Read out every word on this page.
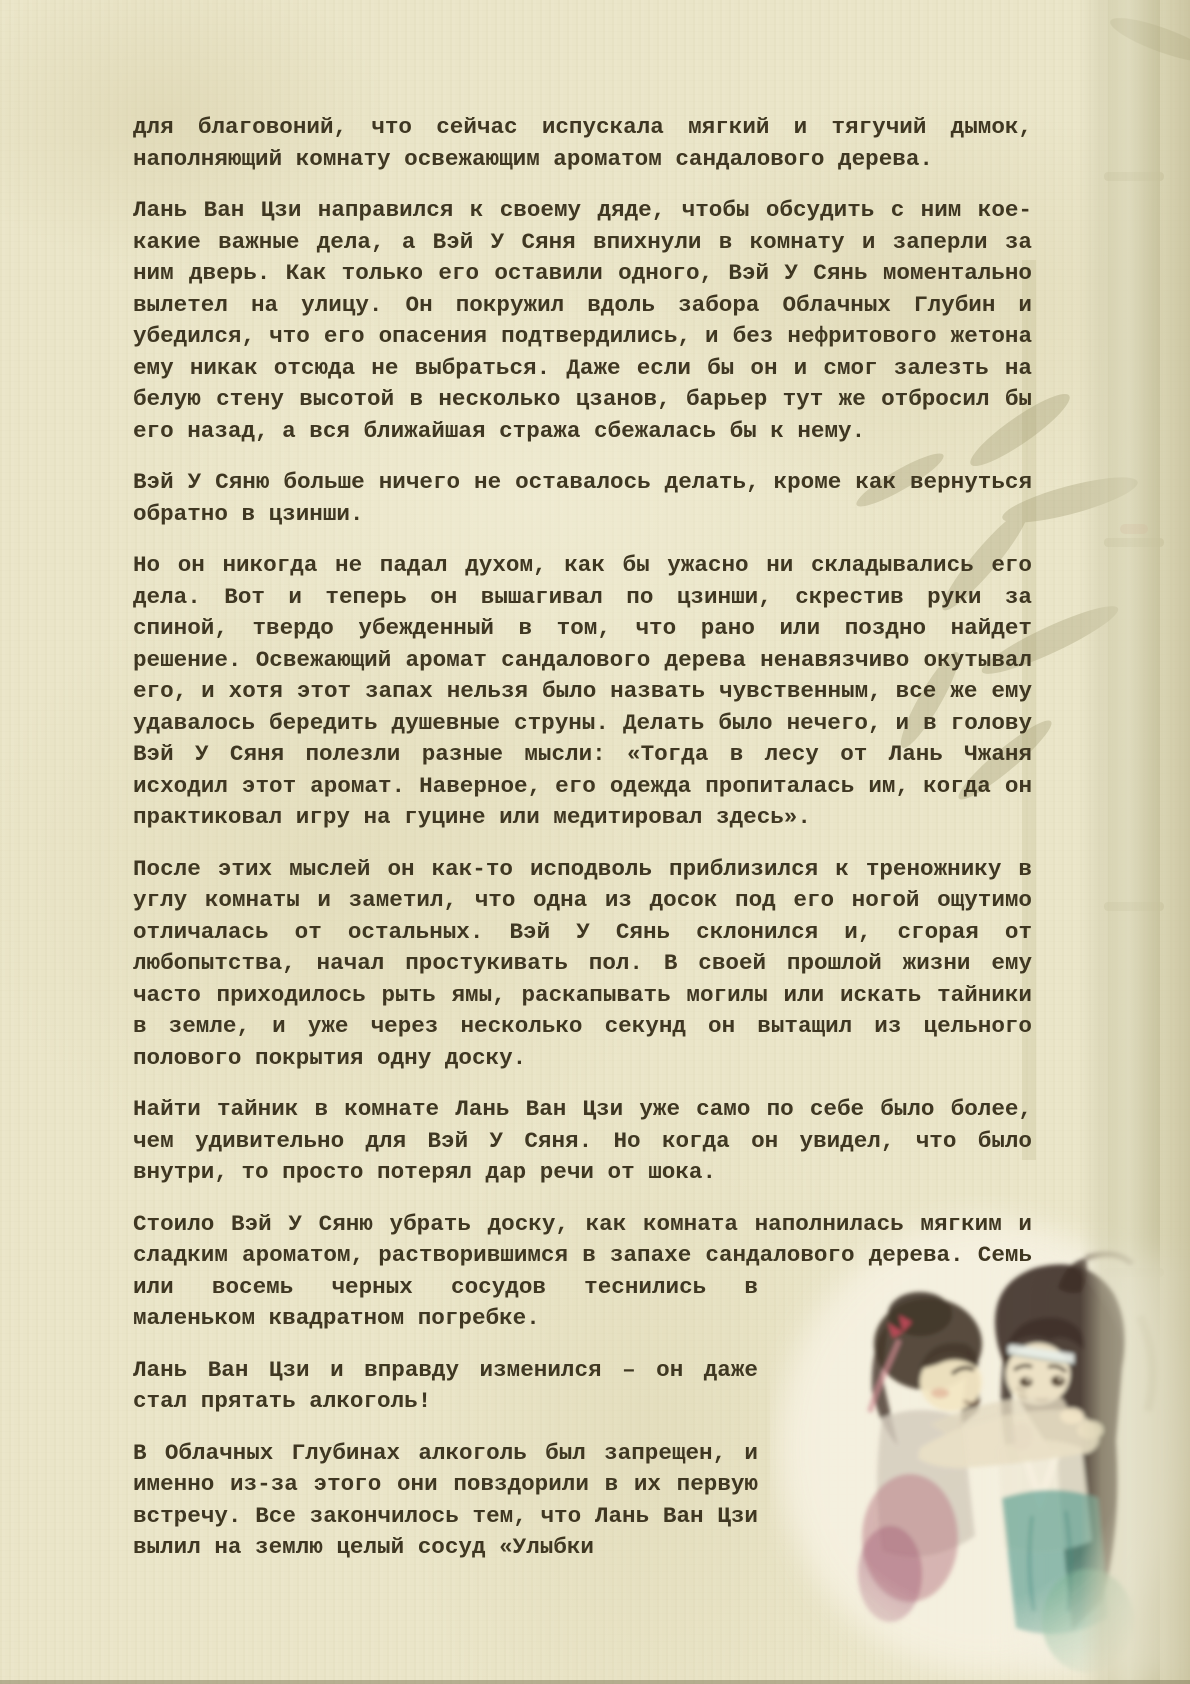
для благовоний, что сейчас испускала мягкий и тягучий дымок, наполняющий комнату освежающим ароматом сандалового дерева.

Лань Ван Цзи направился к своему дяде, чтобы обсудить с ним кое-какие важные дела, а Вэй У Сяня впихнули в комнату и заперли за ним дверь. Как только его оставили одного, Вэй У Сянь моментально вылетел на улицу. Он покружил вдоль забора Облачных Глубин и убедился, что его опасения подтвердились, и без нефритового жетона ему никак отсюда не выбраться. Даже если бы он и смог залезть на белую стену высотой в несколько цзанов, барьер тут же отбросил бы его назад, а вся ближайшая стража сбежалась бы к нему.

Вэй У Сяню больше ничего не оставалось делать, кроме как вернуться обратно в цзинши.

Но он никогда не падал духом, как бы ужасно ни складывались его дела. Вот и теперь он вышагивал по цзинши, скрестив руки за спиной, твердо убежденный в том, что рано или поздно найдет решение. Освежающий аромат сандалового дерева ненавязчиво окутывал его, и хотя этот запах нельзя было назвать чувственным, все же ему удавалось бередить душевные струны. Делать было нечего, и в голову Вэй У Сяня полезли разные мысли: «Тогда в лесу от Лань Чжаня исходил этот аромат. Наверное, его одежда пропиталась им, когда он практиковал игру на гуцине или медитировал здесь».

После этих мыслей он как-то исподволь приблизился к треножнику в углу комнаты и заметил, что одна из досок под его ногой ощутимо отличалась от остальных. Вэй У Сянь склонился и, сгорая от любопытства, начал простукивать пол. В своей прошлой жизни ему часто приходилось рыть ямы, раскапывать могилы или искать тайники в земле, и уже через несколько секунд он вытащил из цельного полового покрытия одну доску.

Найти тайник в комнате Лань Ван Цзи уже само по себе было более, чем удивительно для Вэй У Сяня. Но когда он увидел, что было внутри, то просто потерял дар речи от шока.

Стоило Вэй У Сяню убрать доску, как комната наполнилась мягким и сладким ароматом, растворившимся в запахе сандалового дерева. Семь

или восемь черных сосудов теснились в маленьком квадратном погребке.

Лань Ван Цзи и вправду изменился – он даже стал прятать алкоголь!

В Облачных Глубинах алкоголь был запрещен, и именно из-за этого они повздорили в их первую встречу. Все закончилось тем, что Лань Ван Цзи вылил на землю целый сосуд «Улыбки
